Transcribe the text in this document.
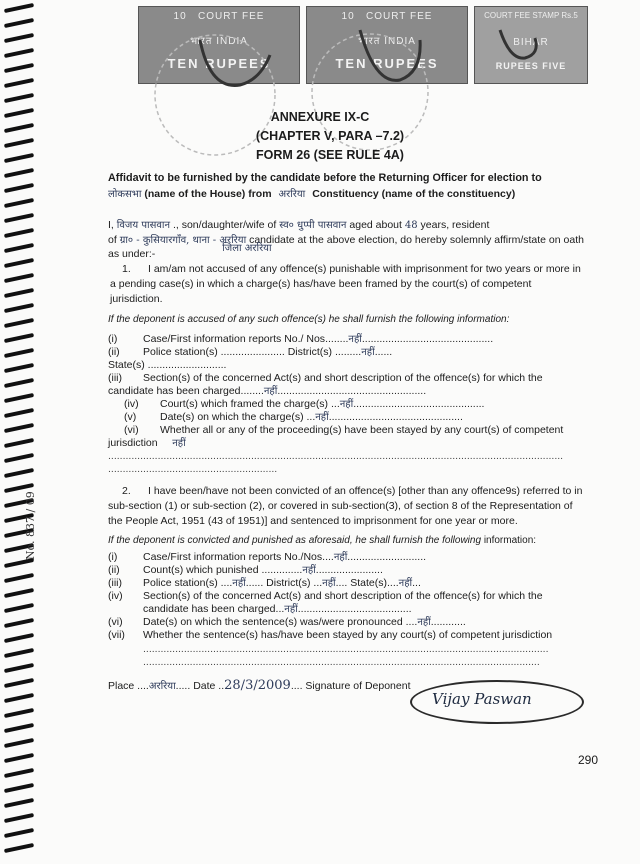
10 COURT FEE
भारत INDIA
TEN RUPEES
10 COURT FEE
भारत INDIA
TEN RUPEES
COURT FEE STAMP Rs.5
BIHAR
RUPEES FIVE
ANNEXURE IX-C
(CHAPTER V, PARA –7.2)
FORM 26 (SEE RULE 4A)
Affidavit to be furnished by the candidate before the Returning Officer for election to
लोकसभा (name of the House) from अररिया Constituency (name of the constituency)
I, विजय पासवान ., son/daughter/wife of स्व० धुप्पी पासवान aged about 48 years, resident
of ग्रा० - कुसियारगाँव, थाना - अररिया candidate at the above election, do hereby solemnly affirm/state on oath
as under:-	जिला अररिया
1. I am/am not accused of any offence(s) punishable with imprisonment for two years or more in
a pending case(s) in which a charge(s) has/have been framed by the court(s) of competent
jurisdiction.
If the deponent is accused of any such offence(s) he shall furnish the following information:
(i) Case/First information reports No./ Nos........नहीं.............................................
(ii) Police station(s) ...................... District(s) .........नहीं......
State(s) ...........................
(iii) Section(s) of the concerned Act(s) and short description of the offence(s) for which the
candidate has been charged........नहीं...................................................
(iv) Court(s) which framed the charge(s) ...नहीं.............................................
(v) Date(s) on which the charge(s) ...नहीं..............................................
(vi) Whether all or any of the proceeding(s) have been stayed by any court(s) of competent
jurisdiction नहीं
............................................................................................................................................................
..........................................................
2. I have been/have not been convicted of an offence(s) [other than any offence9s) referred to in
sub-section (1) or sub-section (2), or covered in sub-section(3), of section 8 of the Representation of
the People Act, 1951 (43 of 1951)] and sentenced to imprisonment for one year or more.
If the deponent is convicted and punished as aforesaid, he shall furnish the following information:
(i) Case/First information reports No./Nos....नहीं...........................
(ii) Count(s) which punished ..............नहीं.......................
(iii) Police station(s) ....नहीं...... District(s) ...नहीं.... State(s)....नहीं...
(iv) Section(s) of the concerned Act(s) and short description of the offence(s) for which the
candidate has been charged...नहीं.......................................
(vi) Date(s) on which the sentence(s) was/were pronounced ....नहीं............
(vii) Whether the sentence(s) has/have been stayed by any court(s) of competent jurisdiction
...........................................................................................................................................
........................................................................................................................................
Place ....अररिया..... Date ..28/3/2009.... Signature of Deponent
Vijay Paswan
No. 837 / 09
290
